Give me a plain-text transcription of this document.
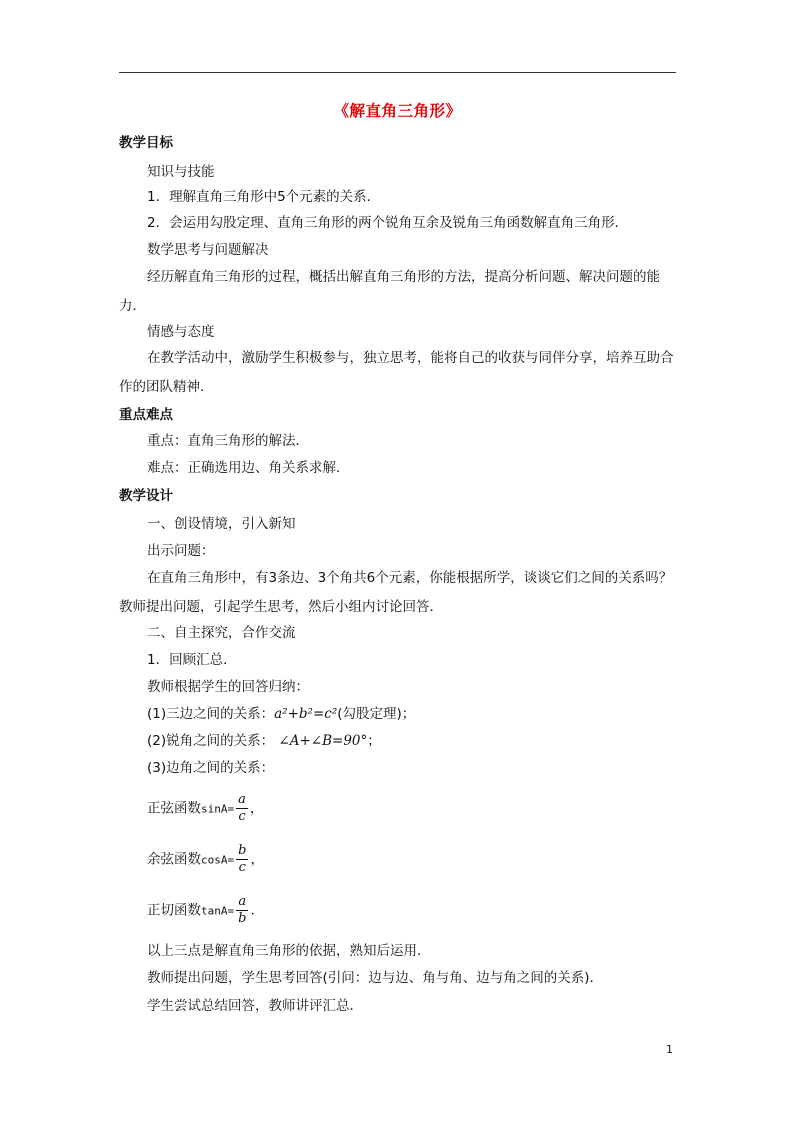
《解直角三角形》
教学目标
知识与技能
1．理解直角三角形中5个元素的关系．
2．会运用勾股定理、直角三角形的两个锐角互余及锐角三角函数解直角三角形．
数学思考与问题解决
经历解直角三角形的过程，概括出解直角三角形的方法，提高分析问题、解决问题的能力．
情感与态度
在教学活动中，激励学生积极参与，独立思考，能将自己的收获与同伴分享，培养互助合作的团队精神．
重点难点
重点：直角三角形的解法．
难点：正确选用边、角关系求解．
教学设计
一、创设情境，引入新知
出示问题：
在直角三角形中，有3条边、3个角共6个元素，你能根据所学，谈谈它们之间的关系吗？教师提出问题，引起学生思考，然后小组内讨论回答．
二、自主探究，合作交流
1．回顾汇总．
教师根据学生的回答归纳：
(1)三边之间的关系：a²+b²=c²(勾股定理)；
(2)锐角之间的关系： ∠A+∠B=90°；
(3)边角之间的关系：
正弦函数$\sin A= \frac{a}{c}$ ，
余弦函数$\cos A= \frac{b}{c}$ ，
正切函数$\tan A= \frac{a}{b}$ ．
以上三点是解直角三角形的依据，熟知后运用．
教师提出问题，学生思考回答(引问：边与边、角与角、边与角之间的关系)．
学生尝试总结回答，教师讲评汇总．
1
